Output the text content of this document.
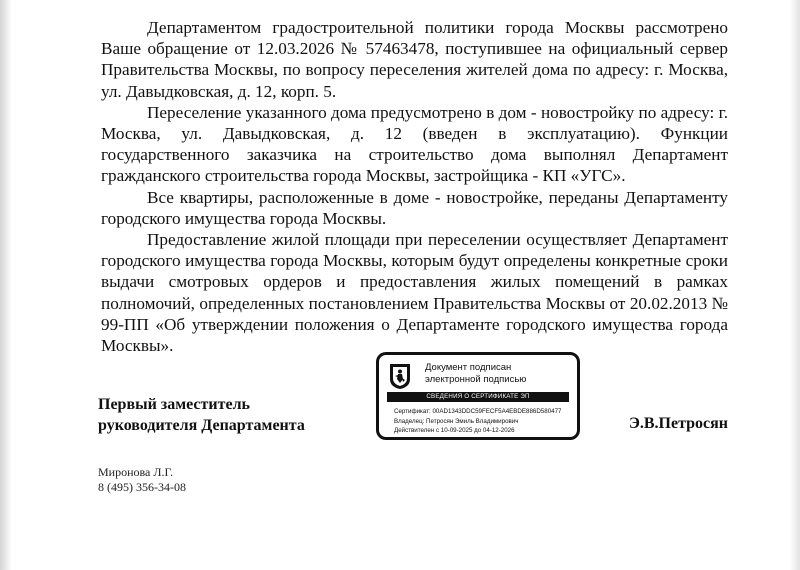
Департаментом градостроительной политики города Москвы рассмотрено Ваше обращение от 12.03.2026 № 57463478, поступившее на официальный сервер Правительства Москвы, по вопросу переселения жителей дома по адресу: г. Москва, ул. Давыдковская, д. 12, корп. 5.

Переселение указанного дома предусмотрено в дом - новостройку по адресу: г. Москва, ул. Давыдковская, д. 12 (введен в эксплуатацию). Функции государственного заказчика на строительство дома выполнял Департамент гражданского строительства города Москвы, застройщика - КП «УГС».

Все квартиры, расположенные в доме - новостройке, переданы Департаменту городского имущества города Москвы.

Предоставление жилой площади при переселении осуществляет Департамент городского имущества города Москвы, которым будут определены конкретные сроки выдачи смотровых ордеров и предоставления жилых помещений в рамках полномочий, определенных постановлением Правительства Москвы от 20.02.2013 № 99-ПП «Об утверждении положения о Департаменте городского имущества города Москвы».

Первый заместитель
руководителя Департамента
Документ подписан
электронной подписью
СВЕДЕНИЯ О СЕРТИФИКАТЕ ЭП
Сертификат: 00AD1343DDC59FECF5A4EBDE886D580477
Владелец: Петросян Эмиль Владимирович
Действителен с 10-09-2025 до 04-12-2026	Э.В.Петросян
Миронова Л.Г.
8 (495) 356-34-08
